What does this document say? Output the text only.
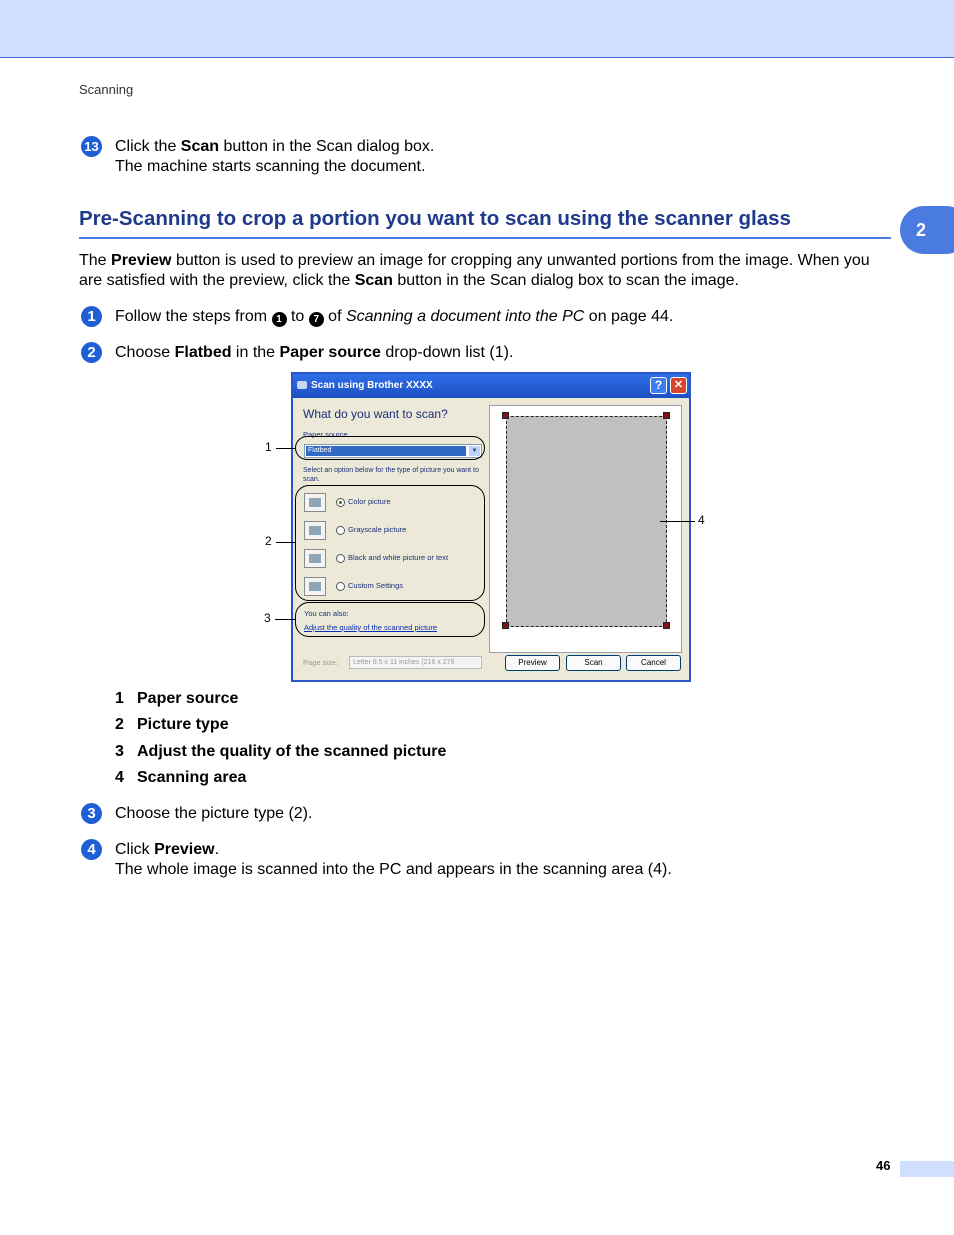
Scanning
13 Click the Scan button in the Scan dialog box.
The machine starts scanning the document.
Pre-Scanning to crop a portion you want to scan using the scanner glass	2
The Preview button is used to preview an image for cropping any unwanted portions from the image. When you are satisfied with the preview, click the Scan button in the Scan dialog box to scan the image.
1	Follow the steps from 1 to 7 of Scanning a document into the PC on page 44.
2	Choose Flatbed in the Paper source drop-down list (1).
Scan using Brother XXXX	?	✕
What do you want to scan?
Paper source
Flatbed	▼
Select an option below for the type of picture you want to scan.
Color picture
Grayscale picture
Black and white picture or text
Custom Settings
You can also:
Adjust the quality of the scanned picture
Page size:	Letter 8.5 x 11 inches (216 x 279	Preview	Scan	Cancel
1
2
3
4
1 Paper source
2 Picture type
3 Adjust the quality of the scanned picture
4 Scanning area
3	Choose the picture type (2).
4	Click Preview.
The whole image is scanned into the PC and appears in the scanning area (4).
46
